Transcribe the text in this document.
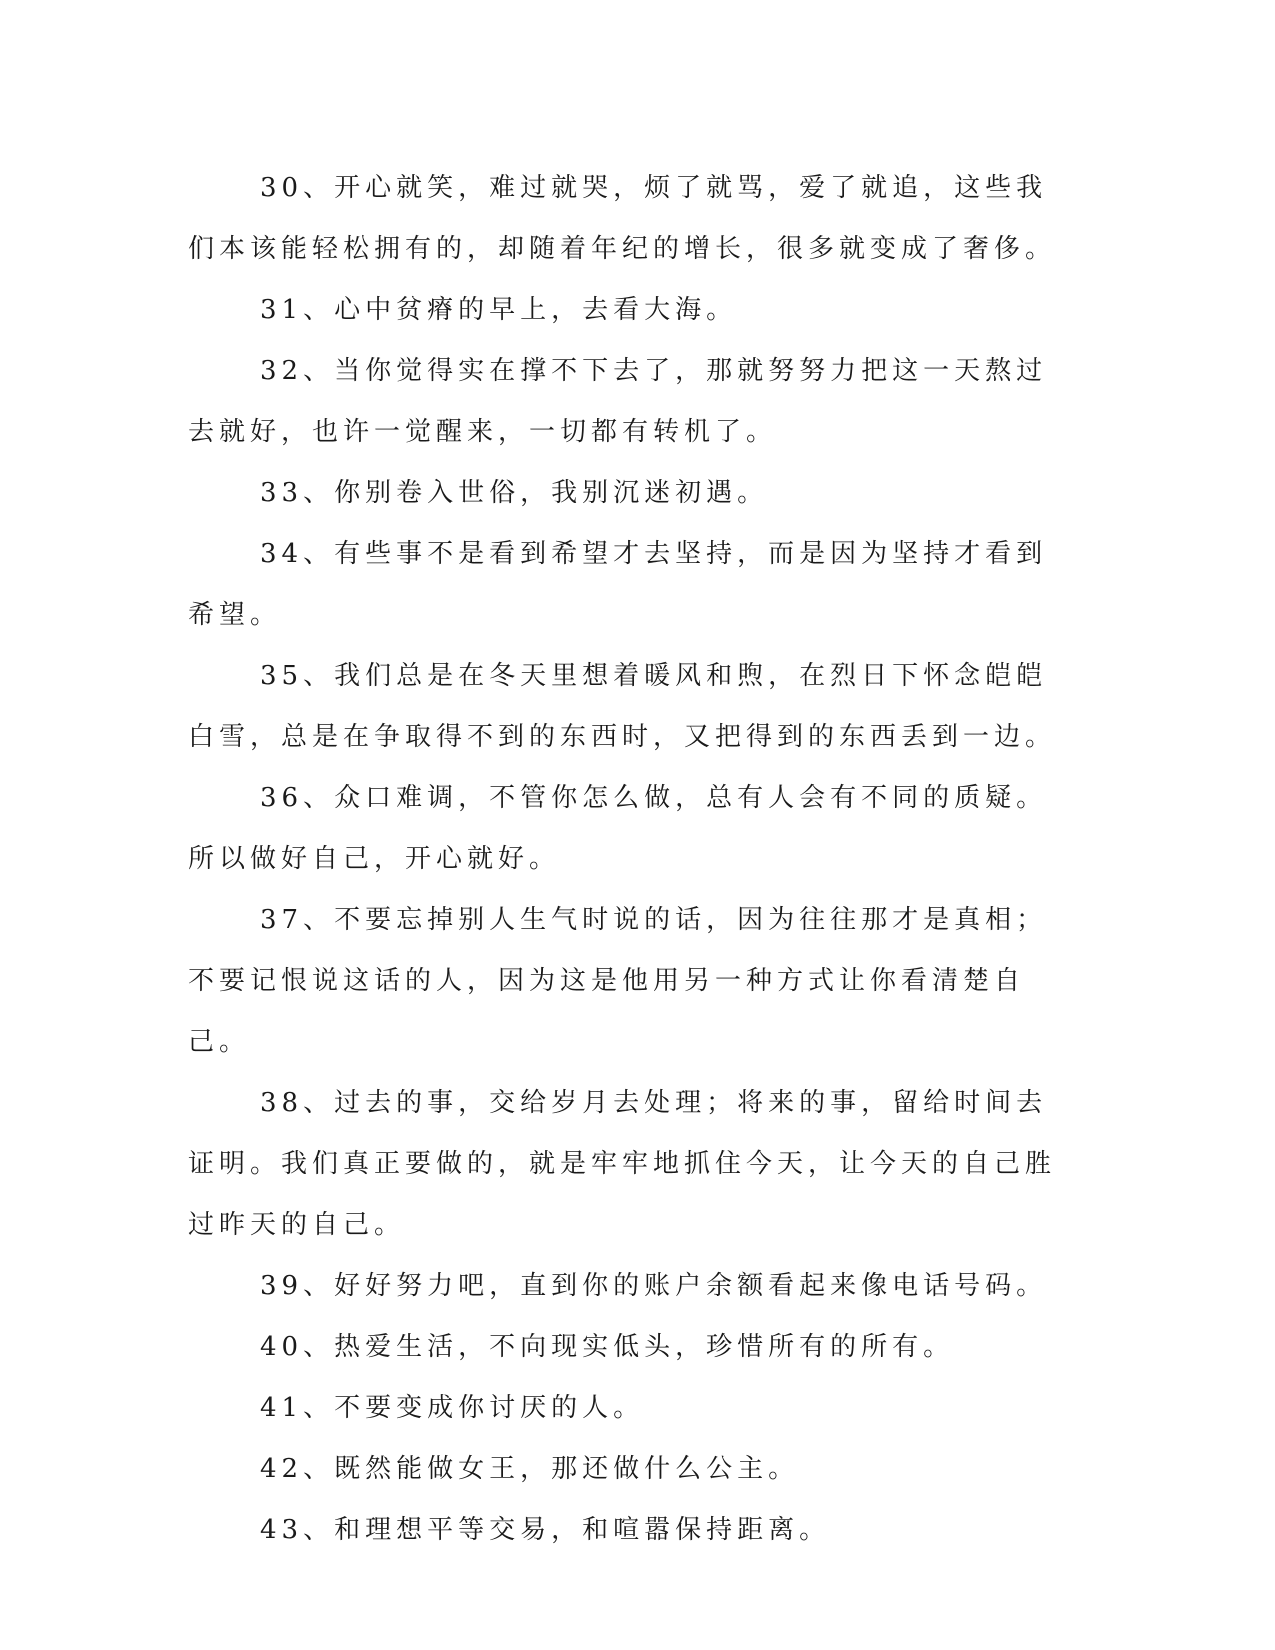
30、开心就笑，难过就哭，烦了就骂，爱了就追，这些我们本该能轻松拥有的，却随着年纪的增长，很多就变成了奢侈。

31、心中贫瘠的早上，去看大海。

32、当你觉得实在撑不下去了，那就努努力把这一天熬过去就好，也许一觉醒来，一切都有转机了。

33、你别卷入世俗，我别沉迷初遇。

34、有些事不是看到希望才去坚持，而是因为坚持才看到希望。

35、我们总是在冬天里想着暖风和煦，在烈日下怀念皑皑白雪，总是在争取得不到的东西时，又把得到的东西丢到一边。

36、众口难调，不管你怎么做，总有人会有不同的质疑。所以做好自己，开心就好。

37、不要忘掉别人生气时说的话，因为往往那才是真相；不要记恨说这话的人，因为这是他用另一种方式让你看清楚自己。

38、过去的事，交给岁月去处理；将来的事，留给时间去证明。我们真正要做的，就是牢牢地抓住今天，让今天的自己胜过昨天的自己。

39、好好努力吧，直到你的账户余额看起来像电话号码。

40、热爱生活，不向现实低头，珍惜所有的所有。

41、不要变成你讨厌的人。

42、既然能做女王，那还做什么公主。

43、和理想平等交易，和喧嚣保持距离。
